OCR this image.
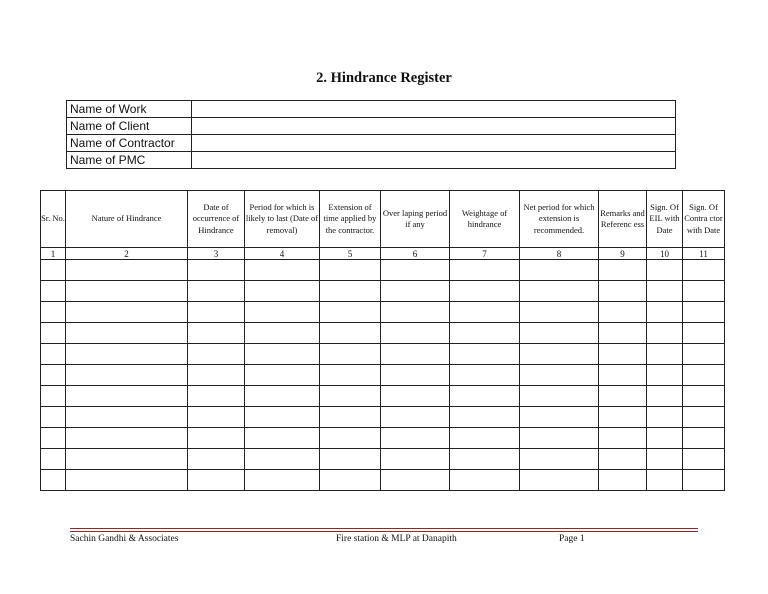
2. Hindrance Register
Name of Work	
Name of Client	
Name of Contractor	
Name of PMC	
Sr. No.	Nature of Hindrance	Date of occurrence of Hindrance	Period for which is likely to last (Date of removal)	Extension of time applied by the contractor.	Over laping period if any	Weightage of hindrance	Net period for which extension is recommended.	Remarks and Referenc ess	Sign. Of EIL with Date	Sign. Of Contra ctor with Date
1	2	3	4	5	6	7	8	9	10	11

Sachin Gandhi & Associates	Fire station & MLP at Danapith	Page 1
